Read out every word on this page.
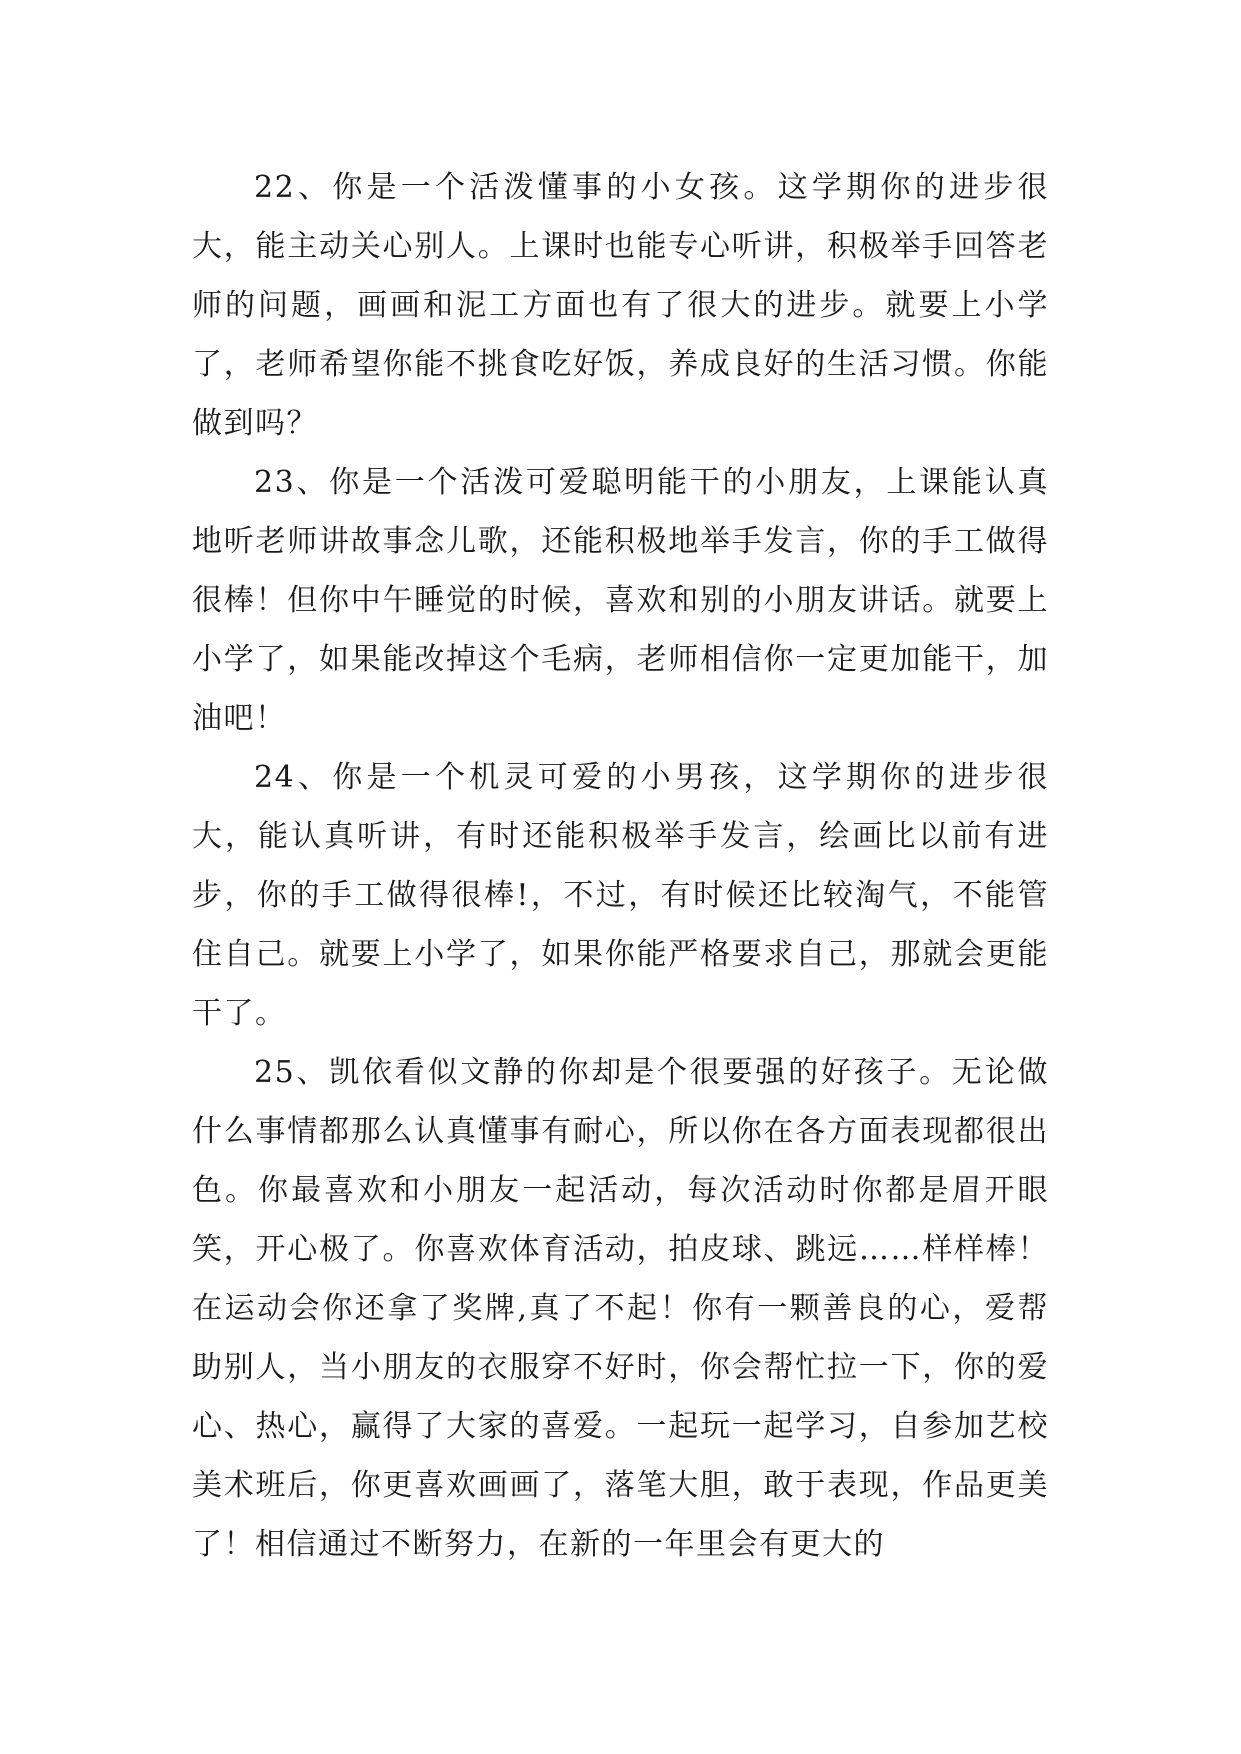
22、你是一个活泼懂事的小女孩。这学期你的进步很大，能主动关心别人。上课时也能专心听讲，积极举手回答老师的问题，画画和泥工方面也有了很大的进步。就要上小学了，老师希望你能不挑食吃好饭，养成良好的生活习惯。你能做到吗？

23、你是一个活泼可爱聪明能干的小朋友，上课能认真地听老师讲故事念儿歌，还能积极地举手发言，你的手工做得很棒！但你中午睡觉的时候，喜欢和别的小朋友讲话。就要上小学了，如果能改掉这个毛病，老师相信你一定更加能干，加油吧！

24、你是一个机灵可爱的小男孩，这学期你的进步很大，能认真听讲，有时还能积极举手发言，绘画比以前有进步，你的手工做得很棒!，不过，有时候还比较淘气，不能管住自己。就要上小学了，如果你能严格要求自己，那就会更能干了。

25、凯依看似文静的你却是个很要强的好孩子。无论做什么事情都那么认真懂事有耐心，所以你在各方面表现都很出色。你最喜欢和小朋友一起活动，每次活动时你都是眉开眼笑，开心极了。你喜欢体育活动，拍皮球、跳远……样样棒！在运动会你还拿了奖牌,真了不起！你有一颗善良的心，爱帮助别人，当小朋友的衣服穿不好时，你会帮忙拉一下，你的爱心、热心，赢得了大家的喜爱。一起玩一起学习，自参加艺校美术班后，你更喜欢画画了，落笔大胆，敢于表现，作品更美了！相信通过不断努力，在新的一年里会有更大的
